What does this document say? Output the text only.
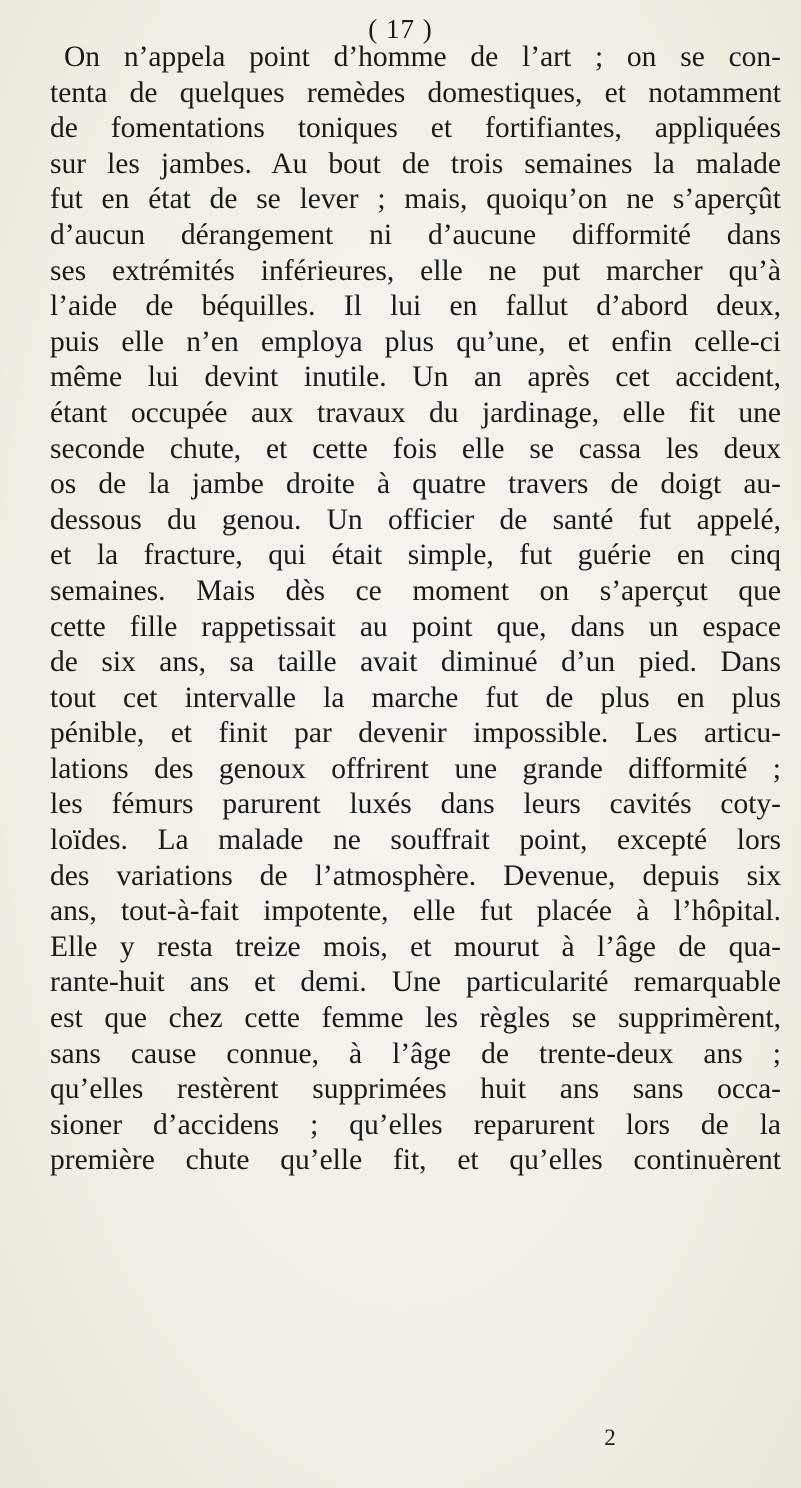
( 17 )
On n’appela point d’homme de l’art ; on se con-
tenta de quelques remèdes domestiques, et notamment
de fomentations toniques et fortifiantes, appliquées
sur les jambes. Au bout de trois semaines la malade
fut en état de se lever ; mais, quoiqu’on ne s’aperçût
d’aucun dérangement ni d’aucune difformité dans
ses extrémités inférieures, elle ne put marcher qu’à
l’aide de béquilles. Il lui en fallut d’abord deux,
puis elle n’en employa plus qu’une, et enfin celle-ci
même lui devint inutile. Un an après cet accident,
étant occupée aux travaux du jardinage, elle fit une
seconde chute, et cette fois elle se cassa les deux
os de la jambe droite à quatre travers de doigt au-
dessous du genou. Un officier de santé fut appelé,
et la fracture, qui était simple, fut guérie en cinq
semaines. Mais dès ce moment on s’aperçut que
cette fille rappetissait au point que, dans un espace
de six ans, sa taille avait diminué d’un pied. Dans
tout cet intervalle la marche fut de plus en plus
pénible, et finit par devenir impossible. Les articu-
lations des genoux offrirent une grande difformité ;
les fémurs parurent luxés dans leurs cavités coty-
loïdes. La malade ne souffrait point, excepté lors
des variations de l’atmosphère. Devenue, depuis six
ans, tout-à-fait impotente, elle fut placée à l’hôpital.
Elle y resta treize mois, et mourut à l’âge de qua-
rante-huit ans et demi. Une particularité remarquable
est que chez cette femme les règles se supprimèrent,
sans cause connue, à l’âge de trente-deux ans ;
qu’elles restèrent supprimées huit ans sans occa-
sioner d’accidens ; qu’elles reparurent lors de la
première chute qu’elle fit, et qu’elles continuèrent
2
